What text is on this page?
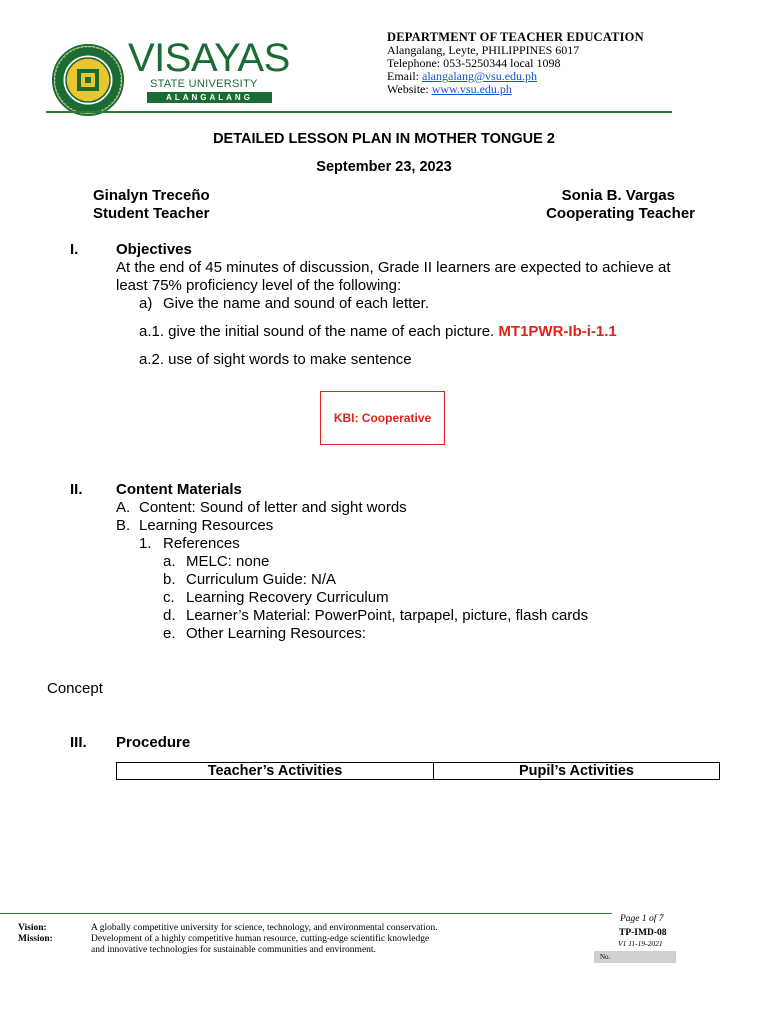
VISAYAS
STATE UNIVERSITY
ALANGALANG
DEPARTMENT OF TEACHER EDUCATION
Alangalang, Leyte, PHILIPPINES 6017
Telephone: 053-5250344 local 1098
Email: alangalang@vsu.edu.ph
Website: www.vsu.edu.ph
DETAILED LESSON PLAN IN MOTHER TONGUE 2
September 23, 2023
Ginalyn Treceño
Student Teacher
Sonia B. Vargas
Cooperating Teacher
I.	Objectives
At the end of 45 minutes of discussion, Grade II learners are expected to achieve at
least 75% proficiency level of the following:
a) Give the name and sound of each letter.
a.1. give the initial sound of the name of each picture. MT1PWR-Ib-i-1.1
a.2. use of sight words to make sentence
KBI: Cooperative
II. Content Materials
A. Content: Sound of letter and sight words
B. Learning Resources
1. References
a. MELC: none
b. Curriculum Guide: N/A
c. Learning Recovery Curriculum
d. Learner’s Material: PowerPoint, tarpapel, picture, flash cards
e. Other Learning Resources:
Concept
III. Procedure
Teacher’s Activities	Pupil’s Activities
Vision:	A globally competitive university for science, technology, and environmental conservation.
Mission:	Development of a highly competitive human resource, cutting-edge scientific knowledge
and innovative technologies for sustainable communities and environment.
Page 1 of 7
TP-IMD-08
V1 11-19-2021
No.
